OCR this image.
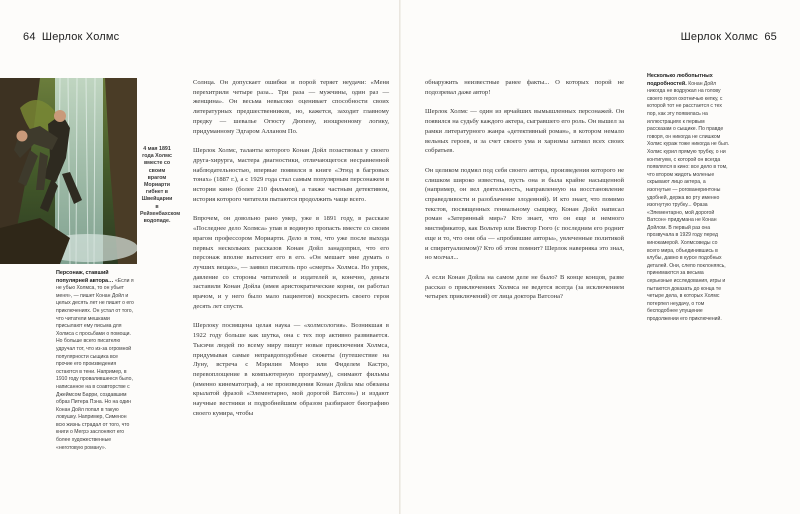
64 Шерлок Холмс	Шерлок Холмс 65
4 мая 1891 года Холмс вместе со своим врагом Мориарти гибнет в Швейцарии в Рейхенбахском водопаде.
Персонаж, ставший популярней автора… «Если я не убью Холмса, то он убьет меня», — пишет Конан Дойл и целых десять лет не пишет о его приключениях. Он устал от того, что читатели мешками присылают ему письма для Холмса с просьбами о помощи. Но больше всего писателю удручал тот, что из-за огромной популярности сыщика все прочие его произведения остаются в тени. Например, в 1910 году провалившееся было, написанное на в соавторстве с Джеймсом Барри, создавшим образ Питера Пэна. Но на один Конан Дойл попал в такую ловушку. Например, Сименон всю жизнь страдал от того, что книги о Мегрэ заслоняют его более художественные «неготовую роману».

Солнца. Он допускает ошибки и порой теряет неудачи: «Меня перехитрили четыре раза... Три раза — мужчины, один раз — женщина». Он весьма невысоко оценивает способности своих литературных предшественников, но, кажется, заходит главному предку — шевалье Огюсту Дюпену, изощренному логику, придуманному Эдгаром Алланом По.

Шерлок Холмс, таланты которого Конан Дойл позаствовал у своего друга-хирурга, мастера диагностики, отличающегося несравненной наблюдательностью, впервые появился в книге «Этюд в багровых тонах» (1887 г.), а с 1929 года стал самым популярным персонажем в истории кино (более 210 фильмов), а также частным детективом, история которого читатели пытаются продолжить чаще всего.

Впрочем, он довольно рано умер, уже в 1891 году, в рассказе «Последнее дело Холмса» упав в водяную пропасть вместе со своим врагом профессором Мориарти. Дело в том, что уже после выхода первых нескольких рассказов Конан Дойл занадоприл, что его персонаж вполне вытеснит его в его. «Он мешает мне думать о лучших вещах», — заявил писатель про «смерть» Холмса. Но упрек, давление со стороны читателей и издателей и, конечно, деньги заставили Конан Дойла (имея аристократические корни, он работал врачом, и у него было мало пациентов) воскресить своего героя десять лет спустя.

Шерлоку посвящена целая наука — «холмсология». Возникшая в 1922 году больше как шутка, она с тех пор активно развивается. Тысячи людей по всему миру пишут новые приключения Холмса, придумывая самые неправдоподобные сюжеты (путешествие на Луну, встреча с Мэрилин Монро или Фиделем Кастро, перевоплощение в компьютерную программу), снимают фильмы (именно кинематограф, а не произведения Конан Дойла мы обязаны крылатой фразой «Элементарно, мой дорогой Ватсон») и издают научные вестники и подробнейшим образом разбирают биографию своего кумира, чтобы

обнаружить неизвестные ранее факты... О которых порой не подозревал даже автор!

Шерлок Холмс — один из ярчайших вымышленных персонажей. Он появился на судьбу каждого актера, сыгравшего его роль. Он вышел за рамки литературного жанра «детективный роман», в котором немало вельных героев, и за счет своего ума и харизмы затмил всех своих собратьев.

Он целиком подмял под себя своего автора, произведения которого не слишком широко известны, пусть она и была крайне насыщенной (например, он вел деятельность, направленную на восстановление справедливости и разоблачение злодеяний). И кто знает, что помимо текстов, посвященных гениальному сыщику, Конан Дойл написал роман «Затерянный мир»? Кто знает, что он еще и немного мистификатор, как Вольтер или Виктор Гюго (с последним его роднит еще и то, что они оба — «пробившие авторы», увлеченные политикой и спиритуализмом)? Кто об этом помнит? Шерлок наверняка это знал, но молчал...

А если Конан Дойла на самом деле не было? В конце концов, разве рассказ о приключениях Холмса не ведется всегда (за исключением четырех приключений) от лица доктора Ватсона?

Несколько любопытных подробностей. Конан Дойл никогда не водружал на голову своего героя охотничью кепку, с которой тот не расстается с тех пор, как эту появилась на иллюстрациях к первым рассказам о сыщике. По правде говоря, он никогда не слишком Холмс кураж тоже никогда не был. Холмс курил прямую трубку, о ни контигуем, с которой он всегда появлялся в кино: все дело в том, что втором жидоть моленые скрывают лицо актера, а изогнутые — рогованеринтоны удобней, держа во рту именно изогнутую трубку... Фраза «Элементарно, мой дорогой Ватсон» придумана не Конан Дойлом. В первый раз она прозвучала в 1929 году перед кинокамерой. Холмсоведы со всего мира, объединившись в клубы, давно в курсе подобных деталей. Они, слепо поклоняясь, принимаются за весьма серьезные исследования, игры и пытаются доказать до конца те четыре дела, в которых Холмс потерпел неудачу, о том бесподобнее упущение продолжении его приключений.
